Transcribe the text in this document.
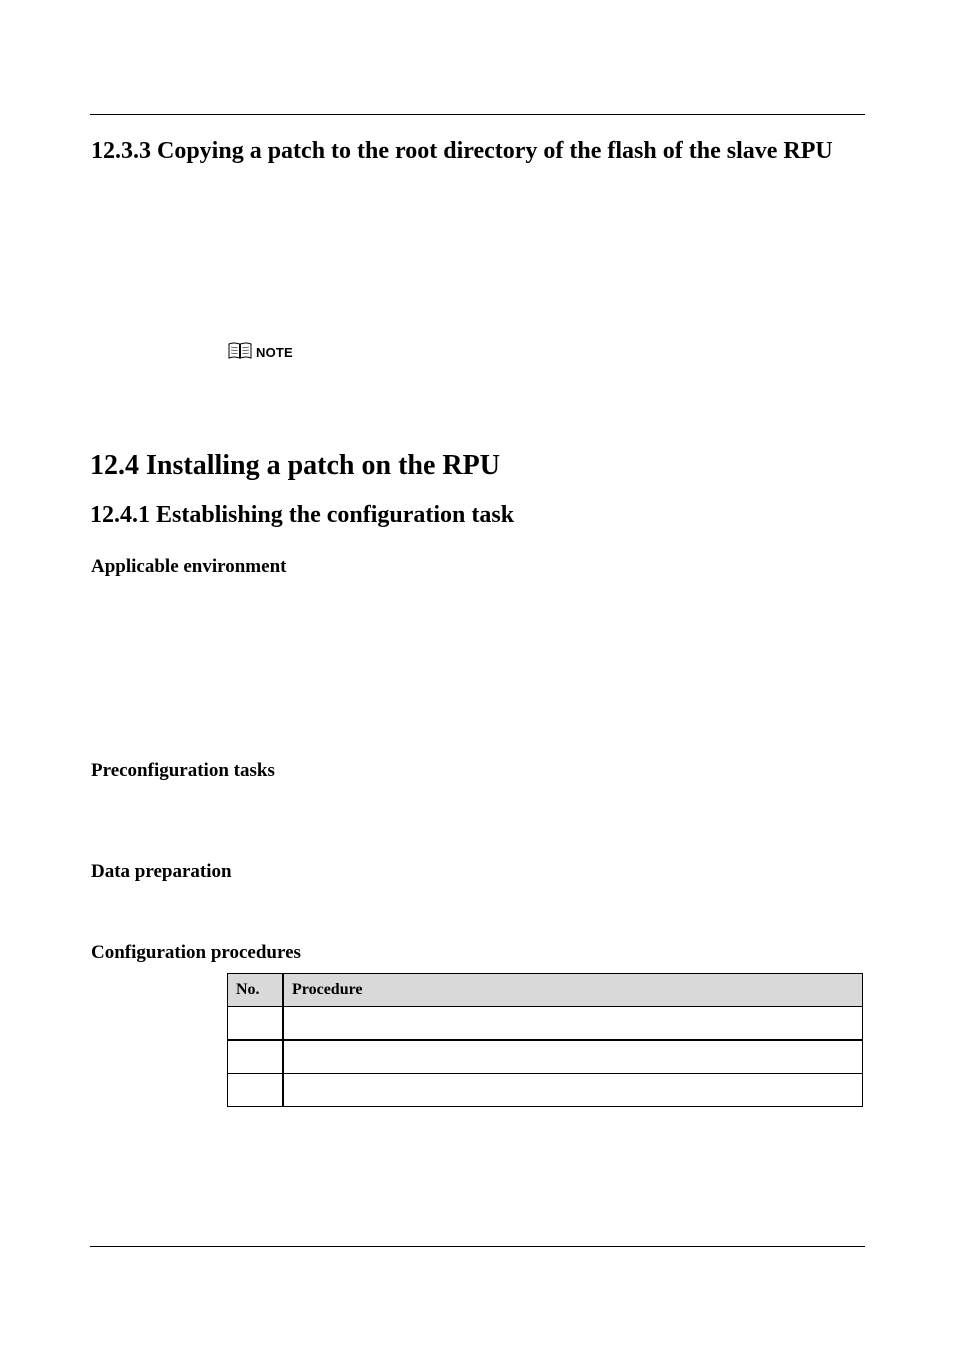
12.3.3 Copying a patch to the root directory of the flash of the slave RPU
NOTE
12.4 Installing a patch on the RPU
12.4.1 Establishing the configuration task
Applicable environment
Preconfiguration tasks
Data preparation
Configuration procedures
No.	Procedure
